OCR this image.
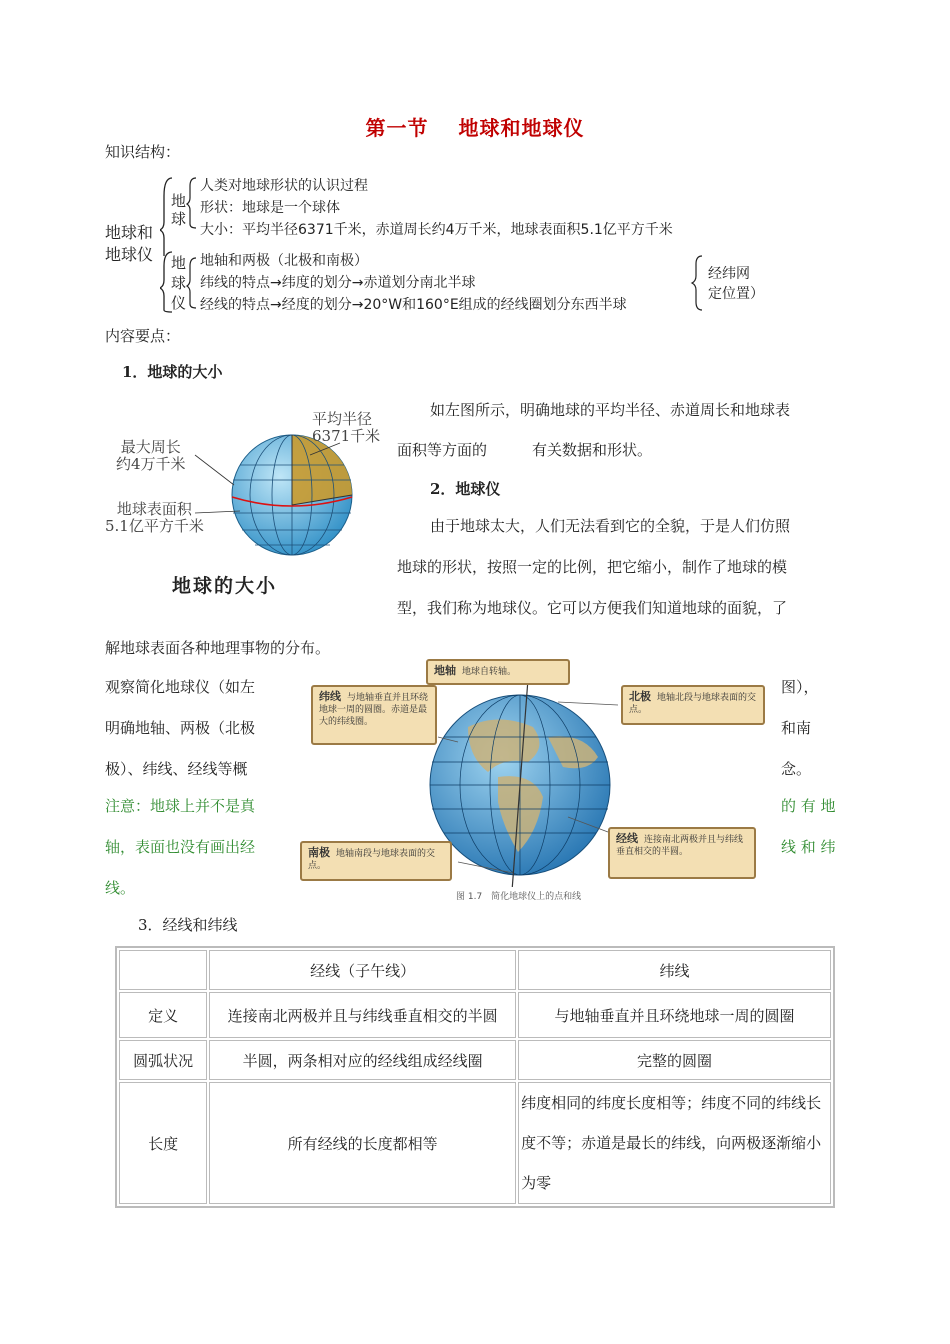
第一节 地球和地球仪
知识结构：
地球和
地球仪
地
球
地
球
仪
人类对地球形状的认识过程
形状：地球是一个球体
大小：平均半径6371千米，赤道周长约4万千米，地球表面积5.1亿平方千米
地轴和两极（北极和南极）
纬线的特点→纬度的划分→赤道划分南北半球
经线的特点→经度的划分→20°W和160°E组成的经线圈划分东西半球
经纬网
定位置）
内容要点：
1．地球的大小
平均半径
6371千米
最大周长
约4万千米
地球表面积
5.1亿平方千米
地球的大小
如左图所示，明确地球的平均半径、赤道周长和地球表
面积等方面的　　　有关数据和形状。
2．地球仪
由于地球太大，人们无法看到它的全貌，于是人们仿照
地球的形状，按照一定的比例，把它缩小，制作了地球的模
型，我们称为地球仪。它可以方便我们知道地球的面貌，了
解地球表面各种地理事物的分布。
观察简化地球仪（如左	图），
明确地轴、两极（北极	和南
极）、纬线、经线等概	念。
注意：地球上并不是真	的 有 地
轴，表面也没有画出经	线 和 纬
线。
地轴 地球自转轴。
纬线 与地轴垂直并且环绕地球一周的圆圈。赤道是最大的纬线圈。
北极 地轴北段与地球表面的交点。
南极 地轴南段与地球表面的交点。
经线 连接南北两极并且与纬线垂直相交的半圆。
图 1.7　简化地球仪上的点和线
3．经线和纬线
	经线（子午线）	纬线
定义	连接南北两极并且与纬线垂直相交的半圆	与地轴垂直并且环绕地球一周的圆圈
圆弧状况	半圆，两条相对应的经线组成经线圈	完整的圆圈
长度	所有经线的长度都相等	纬度相同的纬度长度相等；纬度不同的纬线长度不等；赤道是最长的纬线，向两极逐渐缩小为零
